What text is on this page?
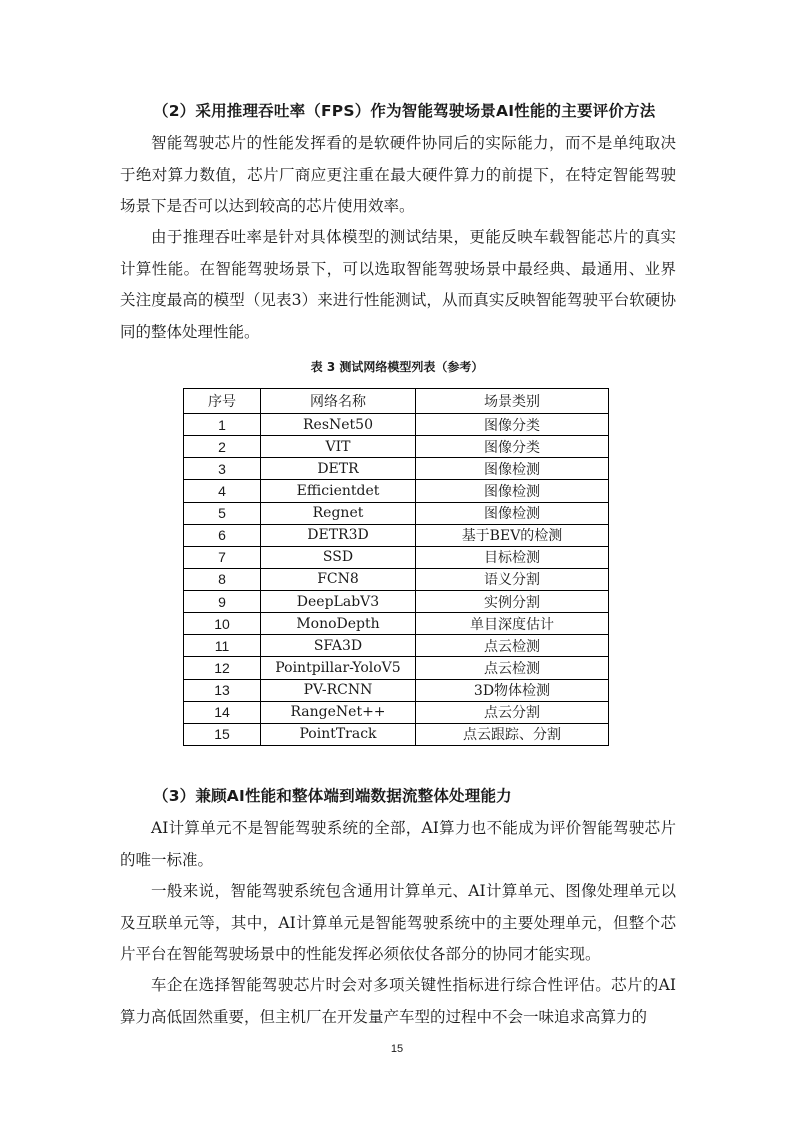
（2）采用推理吞吐率（FPS）作为智能驾驶场景AI性能的主要评价方法

智能驾驶芯片的性能发挥看的是软硬件协同后的实际能力，而不是单纯取决于绝对算力数值，芯片厂商应更注重在最大硬件算力的前提下，在特定智能驾驶场景下是否可以达到较高的芯片使用效率。

由于推理吞吐率是针对具体模型的测试结果，更能反映车载智能芯片的真实计算性能。在智能驾驶场景下，可以选取智能驾驶场景中最经典、最通用、业界关注度最高的模型（见表3）来进行性能测试，从而真实反映智能驾驶平台软硬协同的整体处理性能。

表 3 测试网络模型列表（参考）
序号	网络名称	场景类别
1	ResNet50	图像分类
2	VIT	图像分类
3	DETR	图像检测
4	Efficientdet	图像检测
5	Regnet	图像检测
6	DETR3D	基于BEV的检测
7	SSD	目标检测
8	FCN8	语义分割
9	DeepLabV3	实例分割
10	MonoDepth	单目深度估计
11	SFA3D	点云检测
12	Pointpillar-YoloV5	点云检测
13	PV-RCNN	3D物体检测
14	RangeNet++	点云分割
15	PointTrack	点云跟踪、分割
（3）兼顾AI性能和整体端到端数据流整体处理能力

AI计算单元不是智能驾驶系统的全部，AI算力也不能成为评价智能驾驶芯片的唯一标准。

一般来说，智能驾驶系统包含通用计算单元、AI计算单元、图像处理单元以及互联单元等，其中，AI计算单元是智能驾驶系统中的主要处理单元，但整个芯片平台在智能驾驶场景中的性能发挥必须依仗各部分的协同才能实现。

车企在选择智能驾驶芯片时会对多项关键性指标进行综合性评估。芯片的AI算力高低固然重要，但主机厂在开发量产车型的过程中不会一味追求高算力的

15
